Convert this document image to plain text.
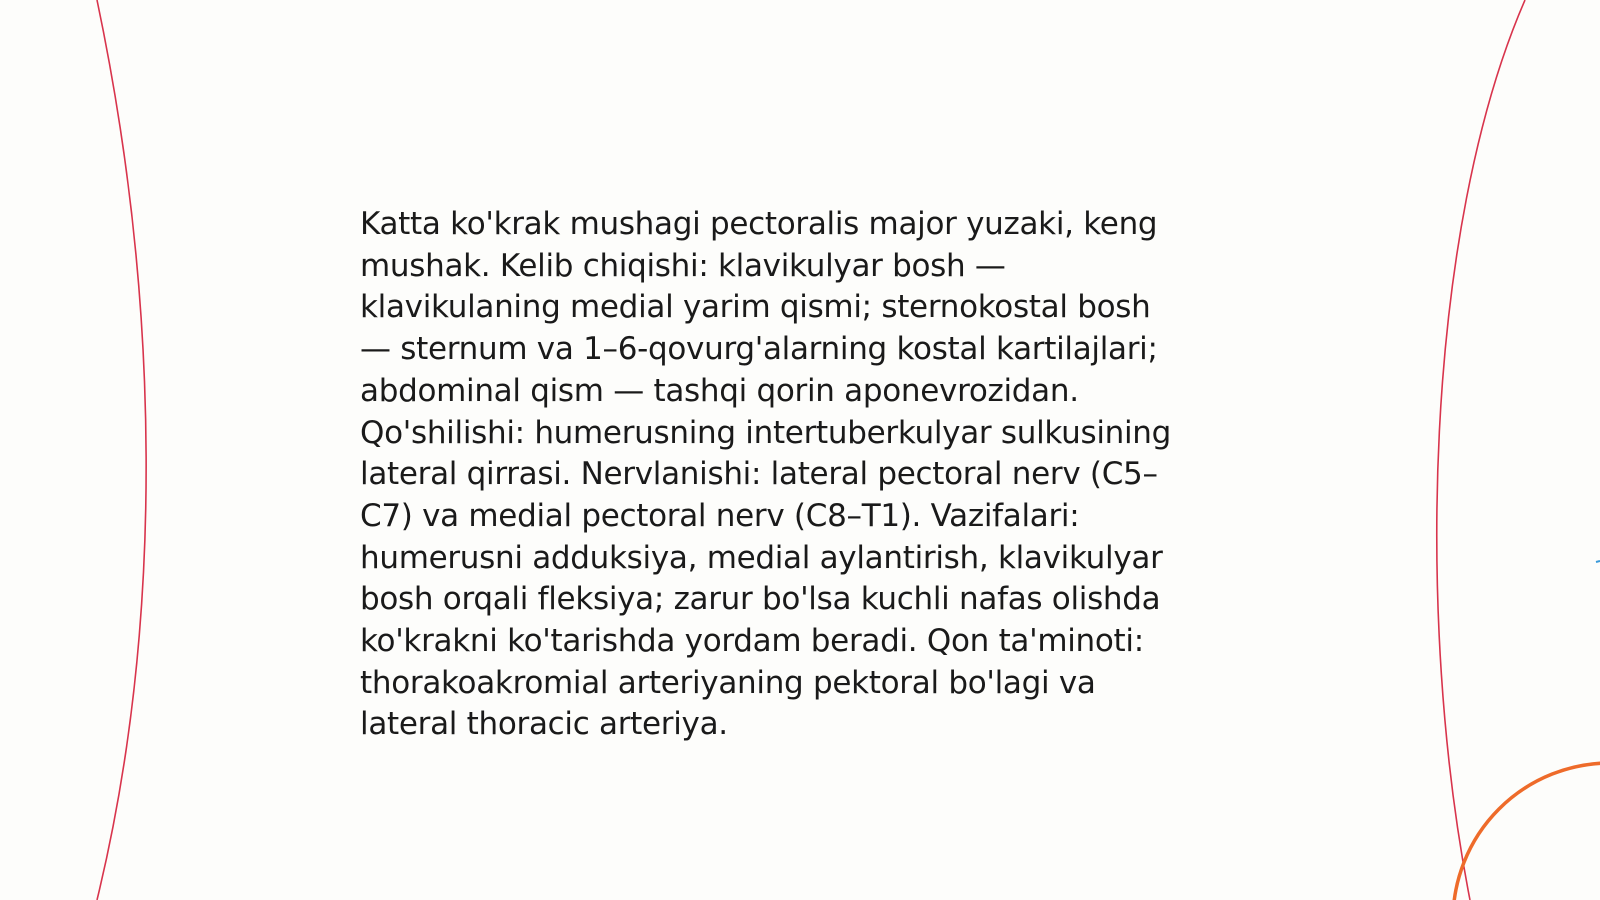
Katta ko'krak mushagi pectoralis major yuzaki, keng
mushak. Kelib chiqishi: klavikulyar bosh —
klavikulaning medial yarim qismi; sternokostal bosh
— sternum va 1–6-qovurg'alarning kostal kartilajlari;
abdominal qism — tashqi qorin aponevrozidan.
Qo'shilishi: humerusning intertuberkulyar sulkusining
lateral qirrasi. Nervlanishi: lateral pectoral nerv (C5–
C7) va medial pectoral nerv (C8–T1). Vazifalari:
humerusni adduksiya, medial aylantirish, klavikulyar
bosh orqali fleksiya; zarur bo'lsa kuchli nafas olishda
ko'krakni ko'tarishda yordam beradi. Qon ta'minoti:
thorakoakromial arteriyaning pektoral bo'lagi va
lateral thoracic arteriya.
